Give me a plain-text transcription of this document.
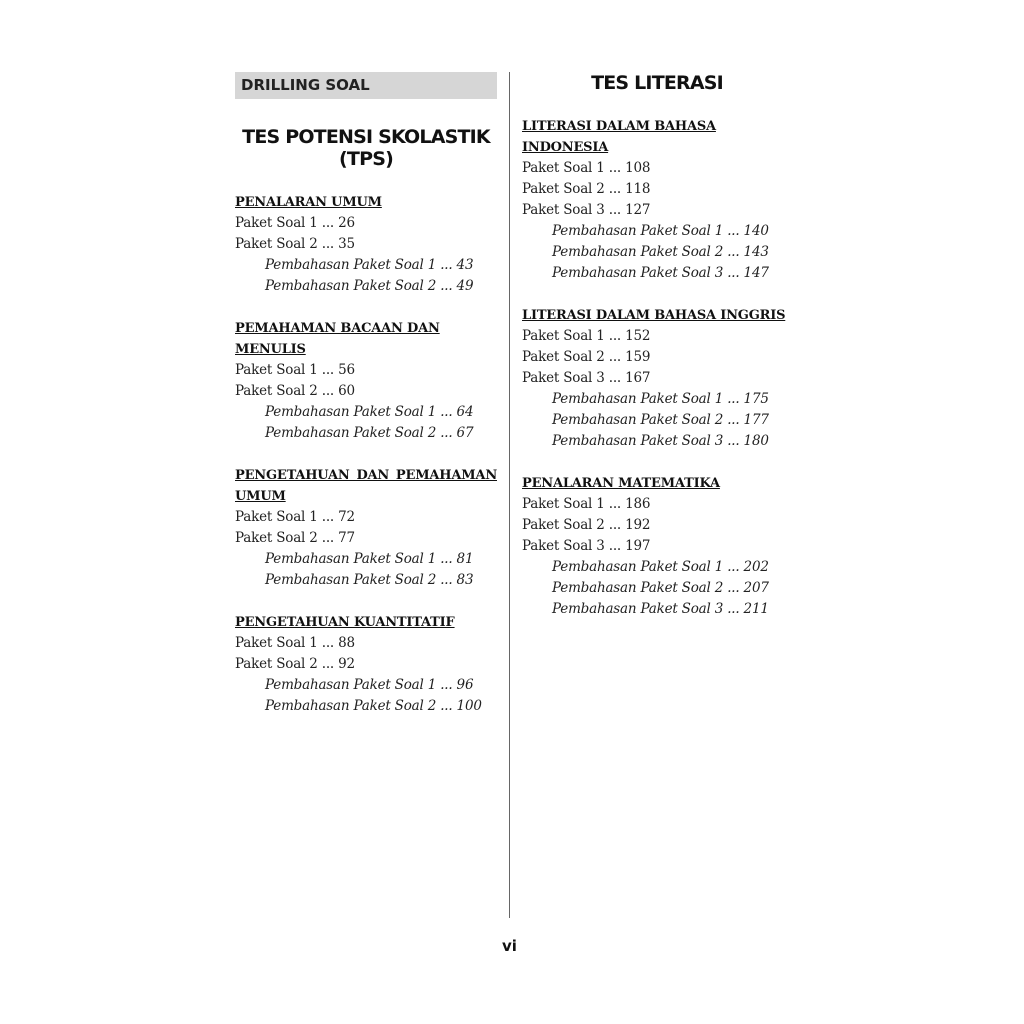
DRILLING SOAL
TES POTENSI SKOLASTIK (TPS)
PENALARAN UMUM
Paket Soal 1 ... 26
Paket Soal 2 ... 35
Pembahasan Paket Soal 1 ... 43
Pembahasan Paket Soal 2 ... 49
PEMAHAMAN BACAAN DAN MENULIS
Paket Soal 1 ... 56
Paket Soal 2 ... 60
Pembahasan Paket Soal 1 ... 64
Pembahasan Paket Soal 2 ... 67
PENGETAHUAN DAN PEMAHAMAN UMUM
Paket Soal 1 ... 72
Paket Soal 2 ... 77
Pembahasan Paket Soal 1 ... 81
Pembahasan Paket Soal 2 ... 83
PENGETAHUAN KUANTITATIF
Paket Soal 1 ... 88
Paket Soal 2 ... 92
Pembahasan Paket Soal 1 ... 96
Pembahasan Paket Soal 2 ... 100
TES LITERASI
LITERASI DALAM BAHASA INDONESIA
Paket Soal 1 ... 108
Paket Soal 2 ... 118
Paket Soal 3 ... 127
Pembahasan Paket Soal 1 ... 140
Pembahasan Paket Soal 2 ... 143
Pembahasan Paket Soal 3 ... 147
LITERASI DALAM BAHASA INGGRIS
Paket Soal 1 ... 152
Paket Soal 2 ... 159
Paket Soal 3 ... 167
Pembahasan Paket Soal 1 ... 175
Pembahasan Paket Soal 2 ... 177
Pembahasan Paket Soal 3 ... 180
PENALARAN MATEMATIKA
Paket Soal 1 ... 186
Paket Soal 2 ... 192
Paket Soal 3 ... 197
Pembahasan Paket Soal 1 ... 202
Pembahasan Paket Soal 2 ... 207
Pembahasan Paket Soal 3 ... 211
vi
